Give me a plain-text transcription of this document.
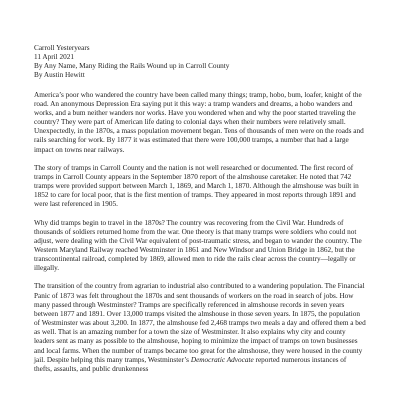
Carroll Yesteryears
11 April 2021
By Any Name, Many Riding the Rails Wound up in Carroll County
By Austin Hewitt

America’s poor who wandered the country have been called many things; tramp, hobo, bum, loafer, knight of the road. An anonymous Depression Era saying put it this way: a tramp wanders and dreams, a hobo wanders and works, and a bum neither wanders nor works. Have you wondered when and why the poor started traveling the country? They were part of American life dating to colonial days when their numbers were relatively small. Unexpectedly, in the 1870s, a mass population movement began. Tens of thousands of men were on the roads and rails searching for work. By 1877 it was estimated that there were 100,000 tramps, a number that had a large impact on towns near railways.

The story of tramps in Carroll County and the nation is not well researched or documented. The first record of tramps in Carroll County appears in the September 1870 report of the almshouse caretaker. He noted that 742 tramps were provided support between March 1, 1869, and March 1, 1870. Although the almshouse was built in 1852 to care for local poor, that is the first mention of tramps. They appeared in most reports through 1891 and were last referenced in 1905.

Why did tramps begin to travel in the 1870s? The country was recovering from the Civil War. Hundreds of thousands of soldiers returned home from the war. One theory is that many tramps were soldiers who could not adjust, were dealing with the Civil War equivalent of post-traumatic stress, and began to wander the country. The Western Maryland Railway reached Westminster in 1861 and New Windsor and Union Bridge in 1862, but the transcontinental railroad, completed by 1869, allowed men to ride the rails clear across the country—legally or illegally.

The transition of the country from agrarian to industrial also contributed to a wandering population. The Financial Panic of 1873 was felt throughout the 1870s and sent thousands of workers on the road in search of jobs. How many passed through Westminster? Tramps are specifically referenced in almshouse records in seven years between 1877 and 1891. Over 13,000 tramps visited the almshouse in those seven years. In 1875, the population of Westminster was about 3,200. In 1877, the almshouse fed 2,468 tramps two meals a day and offered them a bed as well. That is an amazing number for a town the size of Westminster. It also explains why city and county leaders sent as many as possible to the almshouse, hoping to minimize the impact of tramps on town businesses and local farms. When the number of tramps became too great for the almshouse, they were housed in the county jail. Despite helping this many tramps, Westminster’s Democratic Advocate reported numerous instances of thefts, assaults, and public drunkenness
